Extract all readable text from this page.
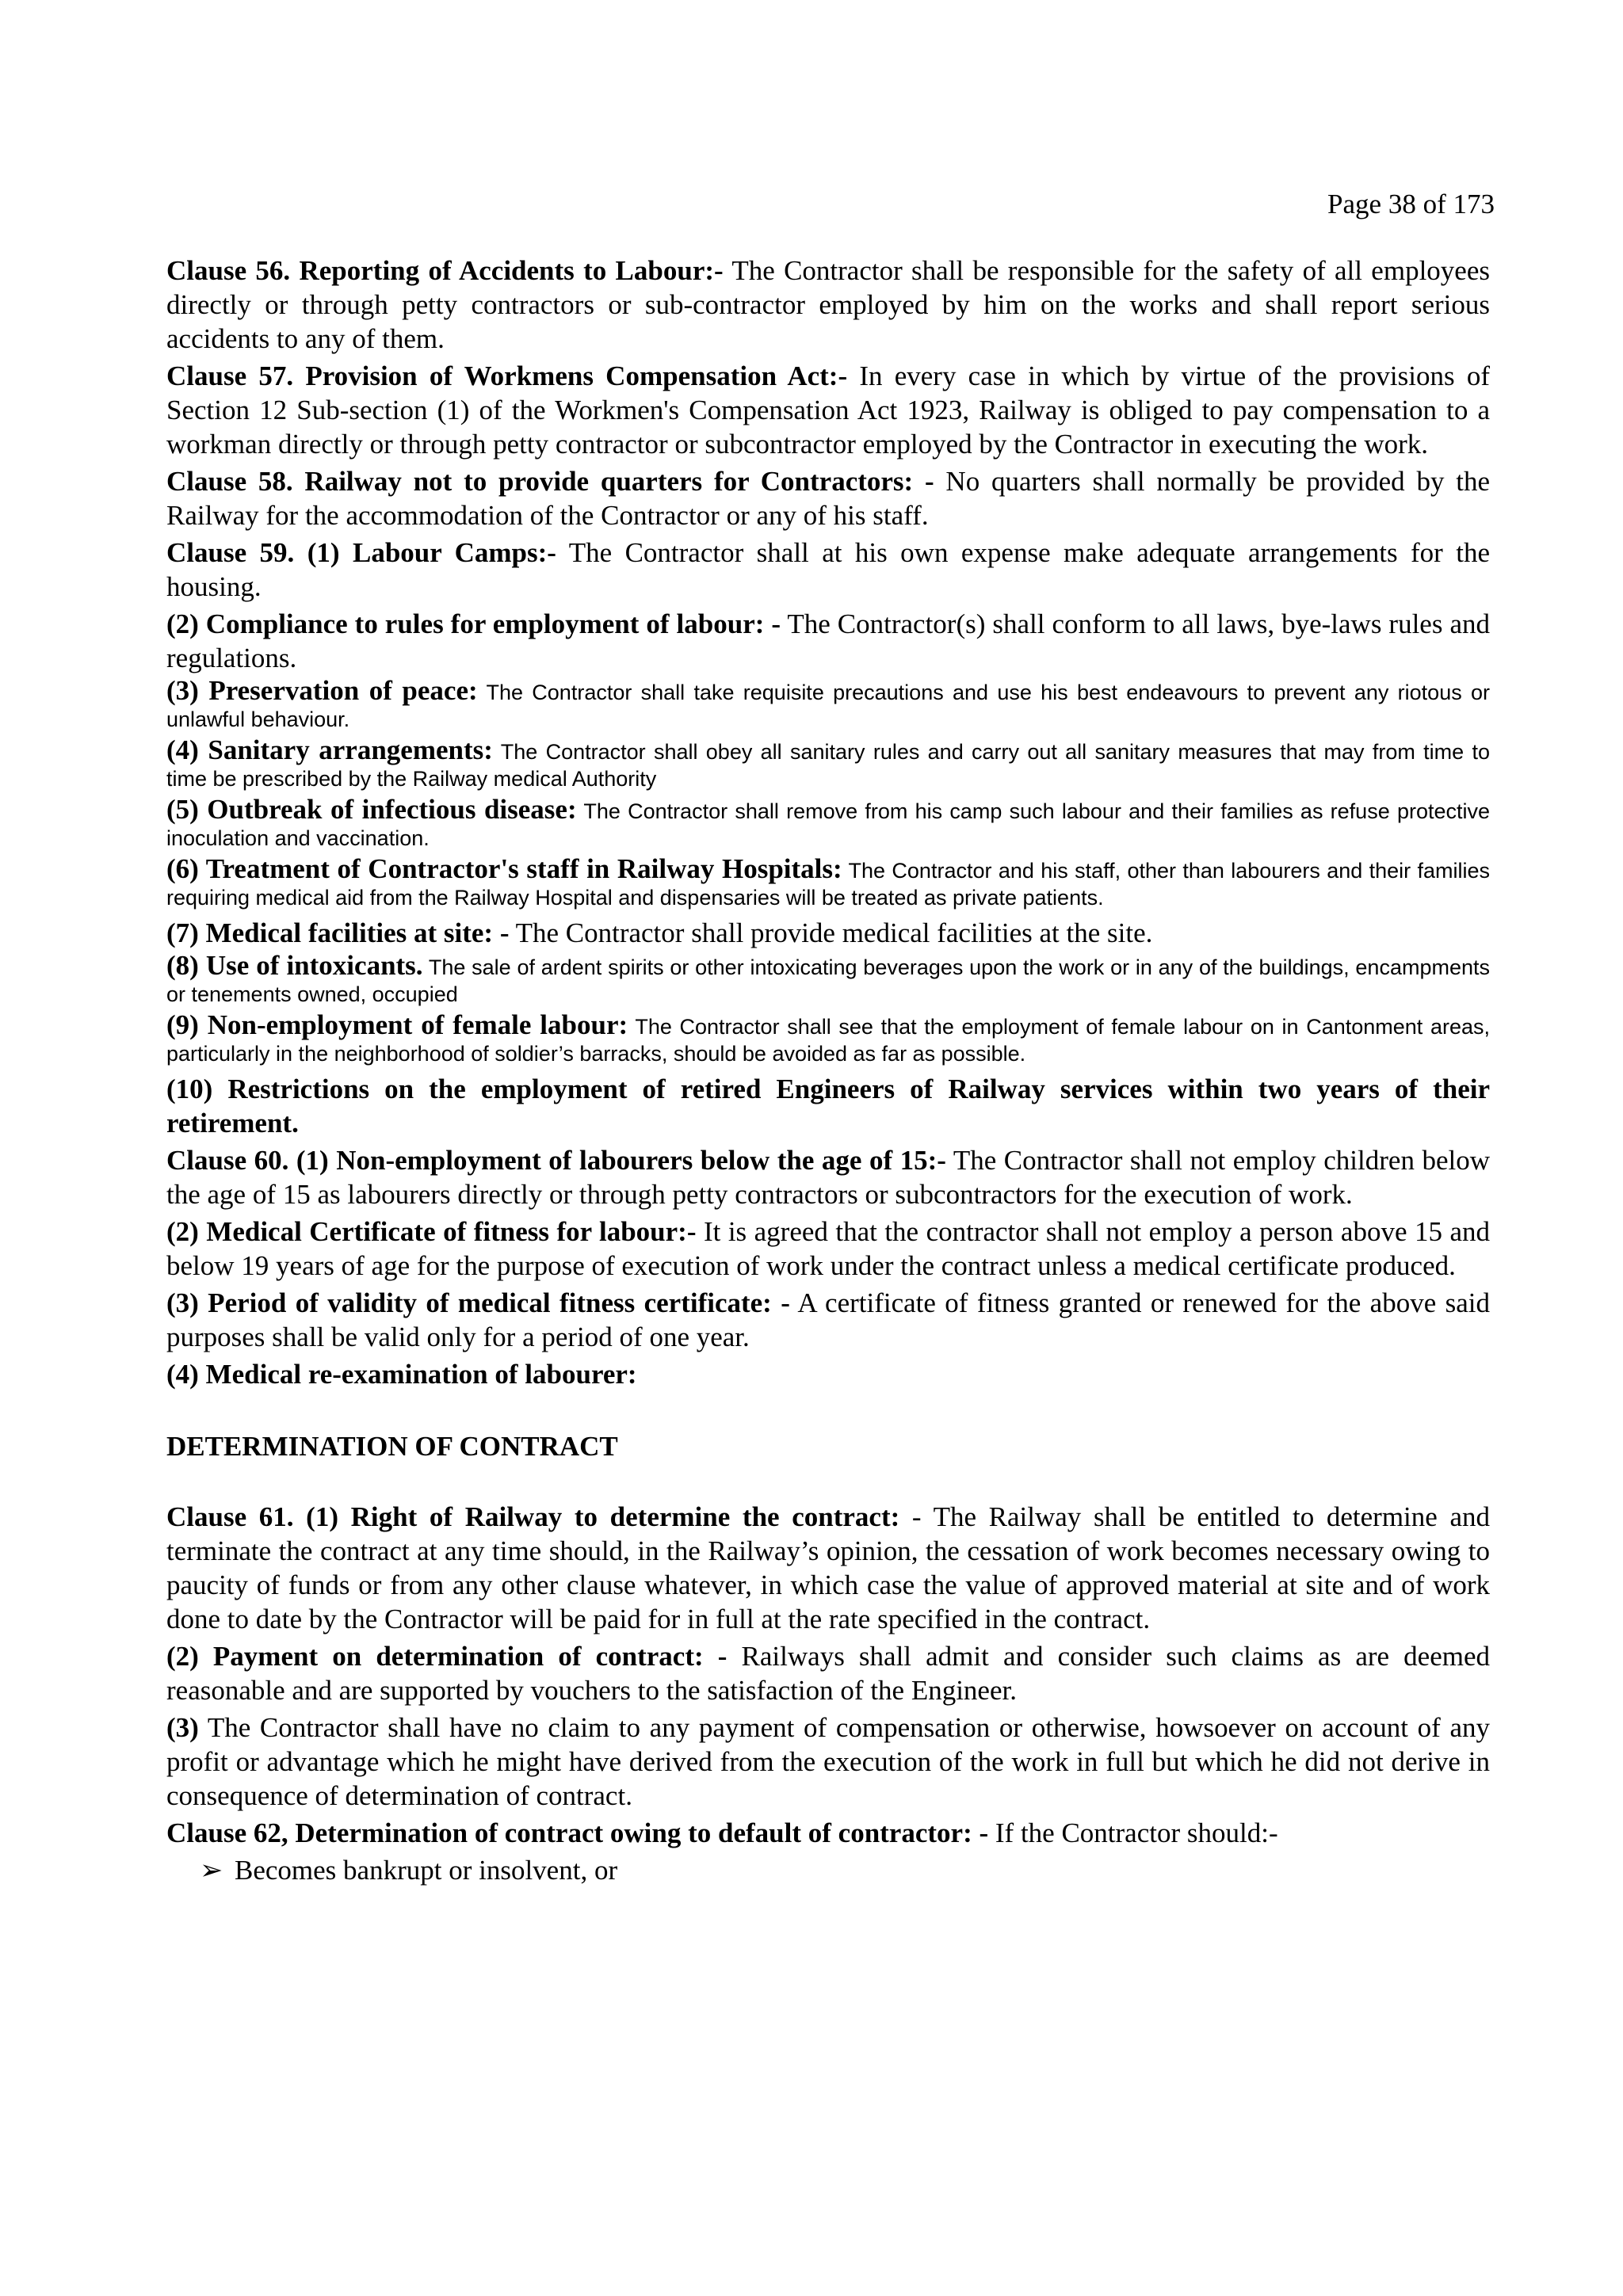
Page 38 of 173

Clause 56. Reporting of Accidents to Labour:- The Contractor shall be responsible for the safety of all employees directly or through petty contractors or sub-contractor employed by him on the works and shall report serious accidents to any of them.

Clause 57. Provision of Workmens Compensation Act:- In every case in which by virtue of the provisions of Section 12 Sub-section (1) of the Workmen's Compensation Act 1923, Railway is obliged to pay compensation to a workman directly or through petty contractor or subcontractor employed by the Contractor in executing the work.

Clause 58. Railway not to provide quarters for Contractors: - No quarters shall normally be provided by the Railway for the accommodation of the Contractor or any of his staff.

Clause 59. (1) Labour Camps:- The Contractor shall at his own expense make adequate arrangements for the housing.

(2) Compliance to rules for employment of labour: - The Contractor(s) shall conform to all laws, bye-laws rules and regulations.

(3) Preservation of peace: The Contractor shall take requisite precautions and use his best endeavours to prevent any riotous or unlawful behaviour.

(4) Sanitary arrangements: The Contractor shall obey all sanitary rules and carry out all sanitary measures that may from time to time be prescribed by the Railway medical Authority

(5) Outbreak of infectious disease: The Contractor shall remove from his camp such labour and their families as refuse protective inoculation and vaccination.

(6) Treatment of Contractor's staff in Railway Hospitals: The Contractor and his staff, other than labourers and their families requiring medical aid from the Railway Hospital and dispensaries will be treated as private patients.

(7) Medical facilities at site: - The Contractor shall provide medical facilities at the site.

(8) Use of intoxicants. The sale of ardent spirits or other intoxicating beverages upon the work or in any of the buildings, encampments or tenements owned, occupied

(9) Non-employment of female labour: The Contractor shall see that the employment of female labour on in Cantonment areas, particularly in the neighborhood of soldier’s barracks, should be avoided as far as possible.

(10) Restrictions on the employment of retired Engineers of Railway services within two years of their retirement.

Clause 60. (1) Non-employment of labourers below the age of 15:- The Contractor shall not employ children below the age of 15 as labourers directly or through petty contractors or subcontractors for the execution of work.

(2) Medical Certificate of fitness for labour:- It is agreed that the contractor shall not employ a person above 15 and below 19 years of age for the purpose of execution of work under the contract unless a medical certificate produced.

(3) Period of validity of medical fitness certificate: - A certificate of fitness granted or renewed for the above said purposes shall be valid only for a period of one year.

(4) Medical re-examination of labourer:

DETERMINATION OF CONTRACT

Clause 61. (1) Right of Railway to determine the contract: - The Railway shall be entitled to determine and terminate the contract at any time should, in the Railway’s opinion, the cessation of work becomes necessary owing to paucity of funds or from any other clause whatever, in which case the value of approved material at site and of work done to date by the Contractor will be paid for in full at the rate specified in the contract.

(2) Payment on determination of contract: - Railways shall admit and consider such claims as are deemed reasonable and are supported by vouchers to the satisfaction of the Engineer.

(3) The Contractor shall have no claim to any payment of compensation or otherwise, howsoever on account of any profit or advantage which he might have derived from the execution of the work in full but which he did not derive in consequence of determination of contract.

Clause 62, Determination of contract owing to default of contractor: - If the Contractor should:-

➢ Becomes bankrupt or insolvent, or
